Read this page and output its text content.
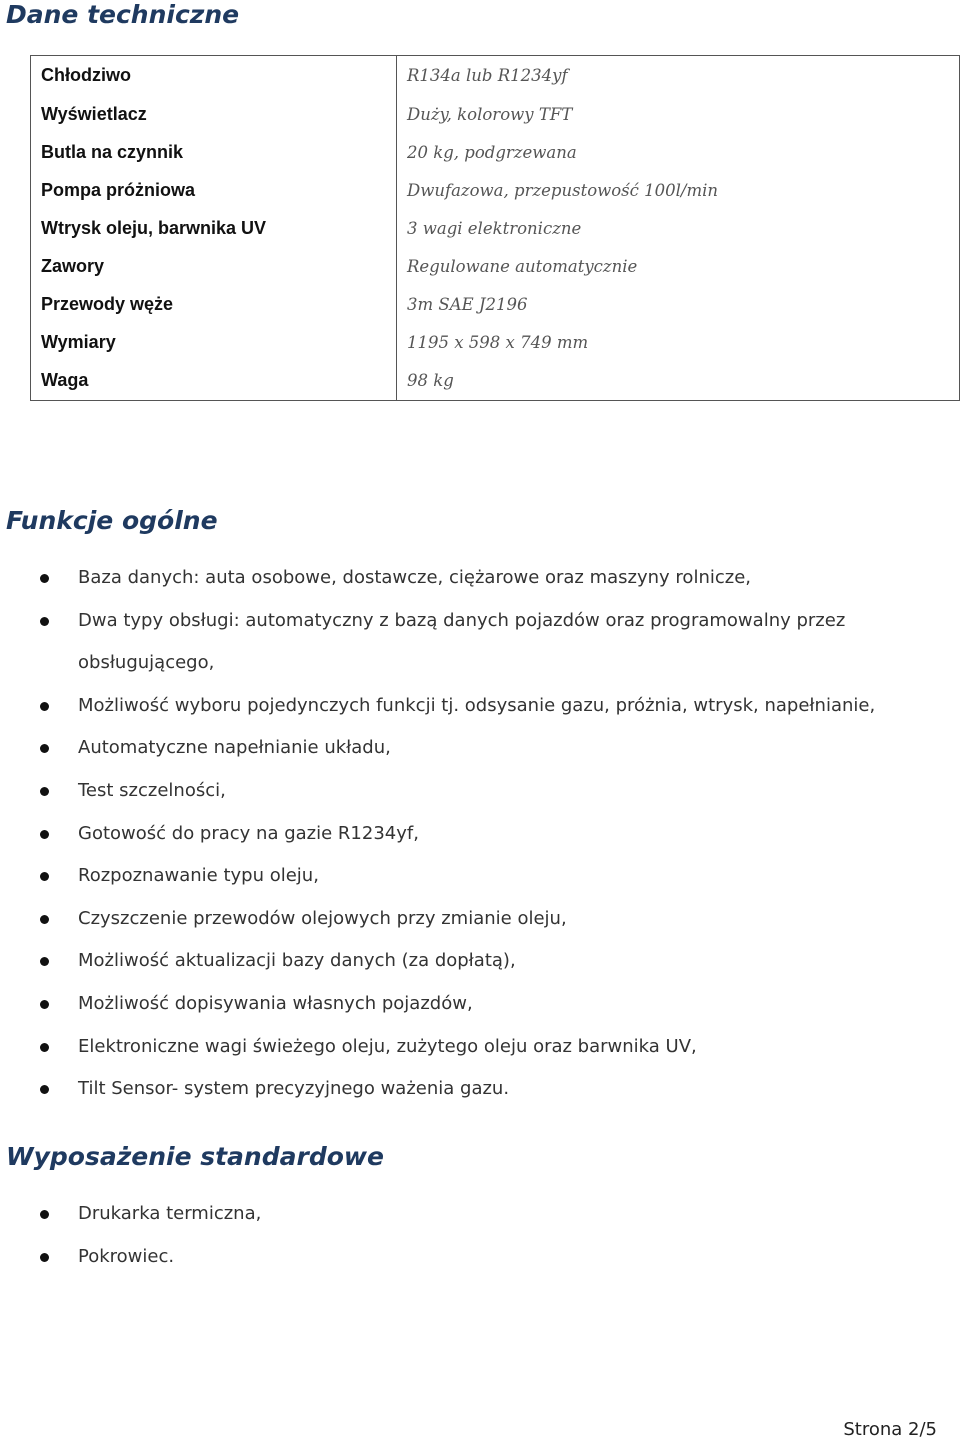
Dane techniczne
Chłodziwo	R134a lub R1234yf
Wyświetlacz	Duży, kolorowy TFT
Butla na czynnik	20 kg, podgrzewana
Pompa próżniowa	Dwufazowa, przepustowość 100l/min
Wtrysk oleju, barwnika UV	3 wagi elektroniczne
Zawory	Regulowane automatycznie
Przewody węże	3m SAE J2196
Wymiary	1195 x 598 x 749 mm
Waga	98 kg
Funkcje ogólne
Baza danych: auta osobowe, dostawcze, ciężarowe oraz maszyny rolnicze,
Dwa typy obsługi: automatyczny z bazą danych pojazdów oraz programowalny przez obsługującego,
Możliwość wyboru pojedynczych funkcji tj. odsysanie gazu, próżnia, wtrysk, napełnianie,
Automatyczne napełnianie układu,
Test szczelności,
Gotowość do pracy na gazie R1234yf,
Rozpoznawanie typu oleju,
Czyszczenie przewodów olejowych przy zmianie oleju,
Możliwość aktualizacji bazy danych (za dopłatą),
Możliwość dopisywania własnych pojazdów,
Elektroniczne wagi świeżego oleju, zużytego oleju oraz barwnika UV,
Tilt Sensor- system precyzyjnego ważenia gazu.
Wyposażenie standardowe
Drukarka termiczna,
Pokrowiec.
Strona 2/5
